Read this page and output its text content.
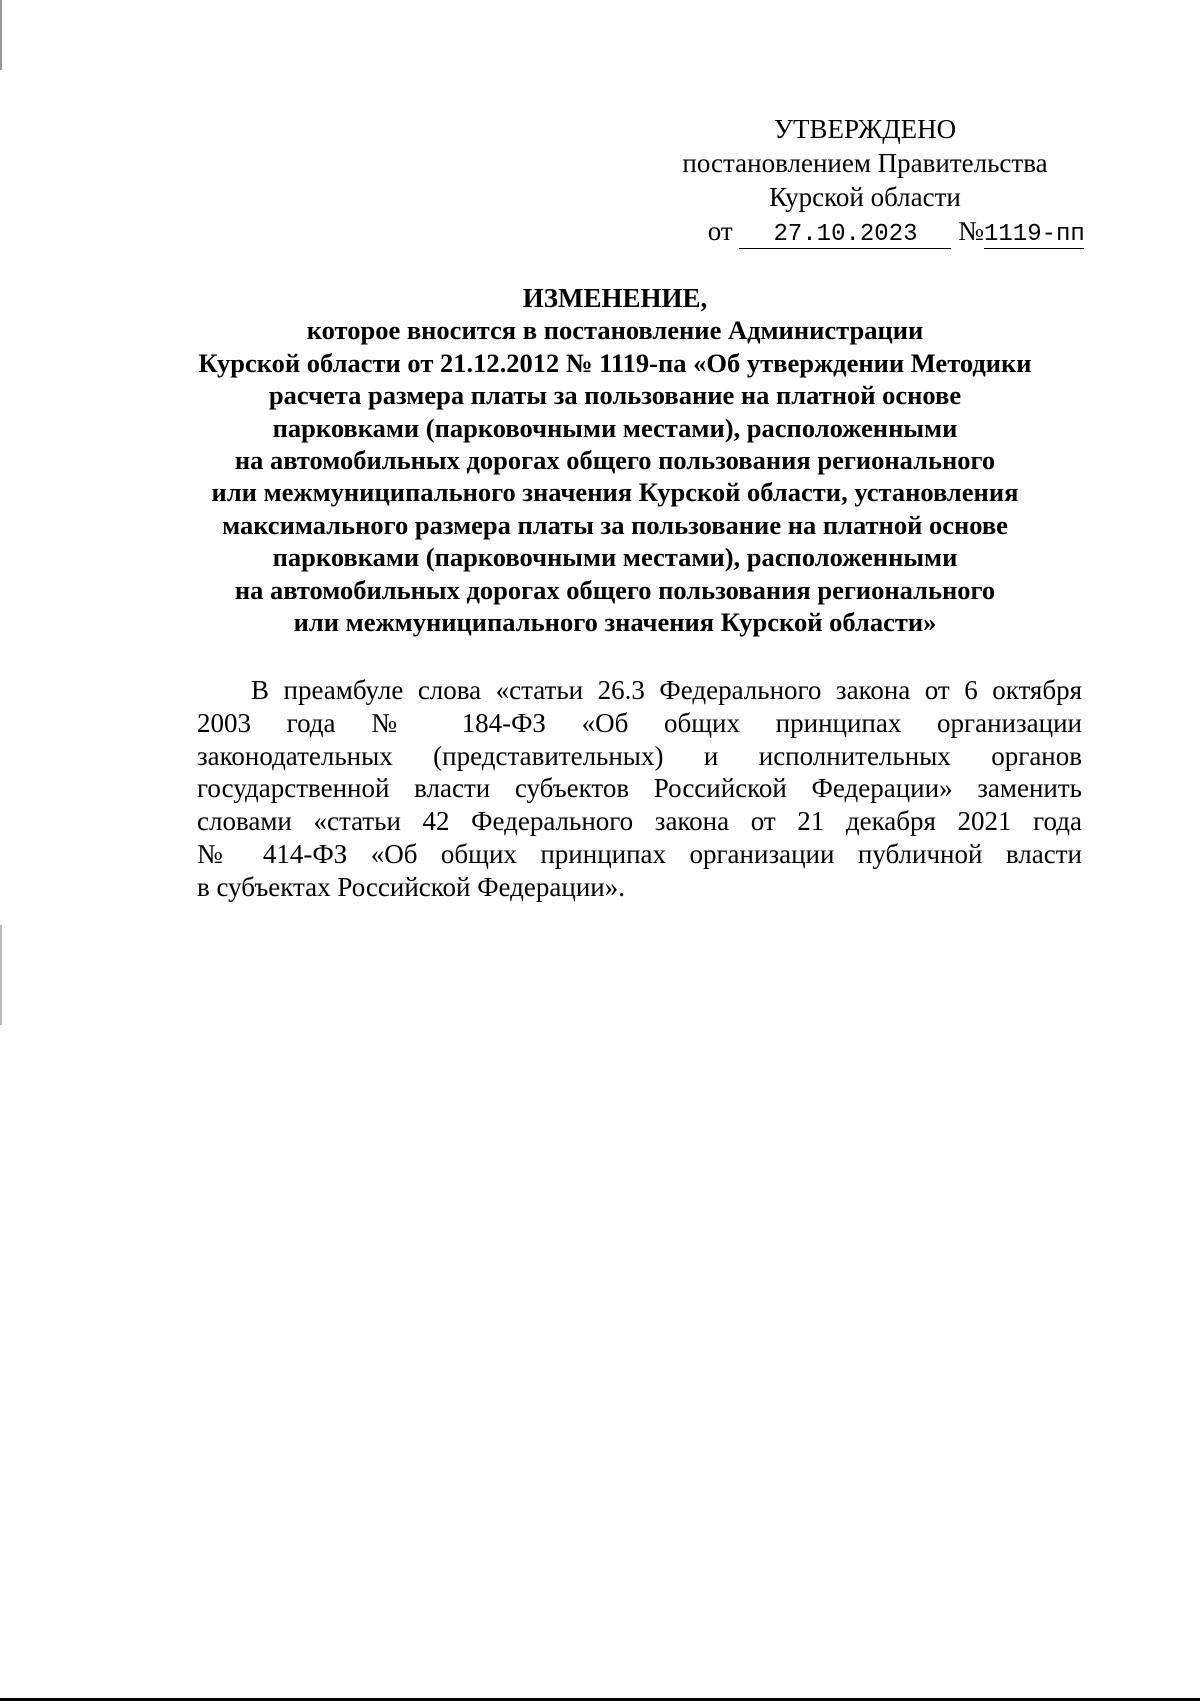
УТВЕРЖДЕНО
постановлением Правительства
Курской области
от 27.10.2023 №1119-пп
ИЗМЕНЕНИЕ,
которое вносится в постановление Администрации
Курской области от 21.12.2012 № 1119-па «Об утверждении Методики
расчета размера платы за пользование на платной основе
парковками (парковочными местами), расположенными
на автомобильных дорогах общего пользования регионального
или межмуниципального значения Курской области, установления
максимального размера платы за пользование на платной основе
парковками (парковочными местами), расположенными
на автомобильных дорогах общего пользования регионального
или межмуниципального значения Курской области»
В преамбуле слова «статьи 26.3 Федерального закона от 6 октября
2003 года № 184-ФЗ «Об общих принципах организации
законодательных (представительных) и исполнительных органов
государственной власти субъектов Российской Федерации» заменить
словами «статьи 42 Федерального закона от 21 декабря 2021 года
№ 414-ФЗ «Об общих принципах организации публичной власти
в субъектах Российской Федерации».
